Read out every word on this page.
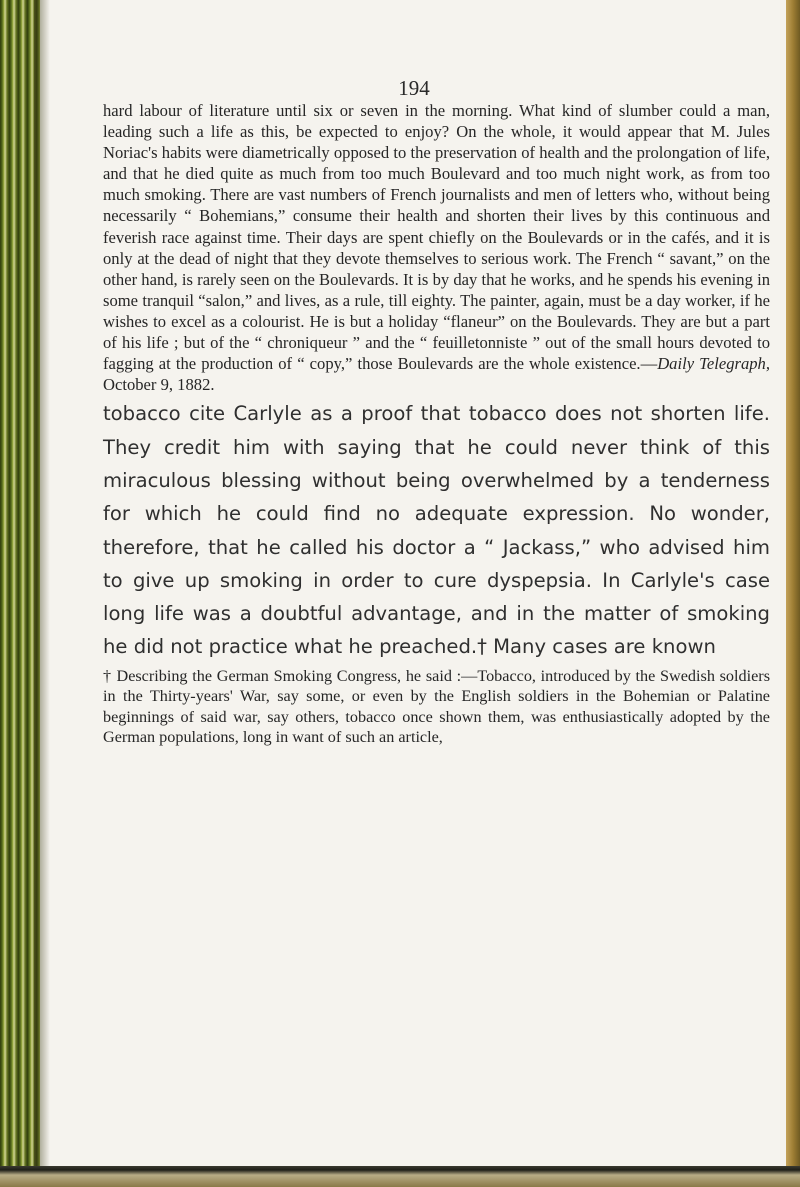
194

hard labour of literature until six or seven in the morning. What kind of slumber could a man, leading such a life as this, be expected to enjoy? On the whole, it would appear that M. Jules Noriac's habits were diametrically opposed to the preservation of health and the prolongation of life, and that he died quite as much from too much Boulevard and too much night work, as from too much smoking. There are vast numbers of French journalists and men of letters who, without being necessarily “ Bohemians,” consume their health and shorten their lives by this continuous and feverish race against time. Their days are spent chiefly on the Boulevards or in the cafés, and it is only at the dead of night that they devote themselves to serious work. The French “ savant,” on the other hand, is rarely seen on the Boulevards. It is by day that he works, and he spends his evening in some tranquil “salon,” and lives, as a rule, till eighty. The painter, again, must be a day worker, if he wishes to excel as a colourist. He is but a holiday “flaneur” on the Boulevards. They are but a part of his life ; but of the “ chroniqueur ” and the “ feuilletonniste ” out of the small hours devoted to fagging at the production of “ copy,” those Boulevards are the whole existence.—Daily Telegraph, October 9, 1882.

tobacco cite Carlyle as a proof that tobacco does not shorten life. They credit him with saying that he could never think of this miraculous blessing without being overwhelmed by a tenderness for which he could find no adequate expression. No wonder, therefore, that he called his doctor a “ Jackass,” who advised him to give up smoking in order to cure dyspepsia. In Carlyle's case long life was a doubtful advantage, and in the matter of smoking he did not practice what he preached.† Many cases are known

† Describing the German Smoking Congress, he said :—Tobacco, introduced by the Swedish soldiers in the Thirty-years' War, say some, or even by the English soldiers in the Bohemian or Palatine beginnings of said war, say others, tobacco once shown them, was enthusiastically adopted by the German populations, long in want of such an article,
